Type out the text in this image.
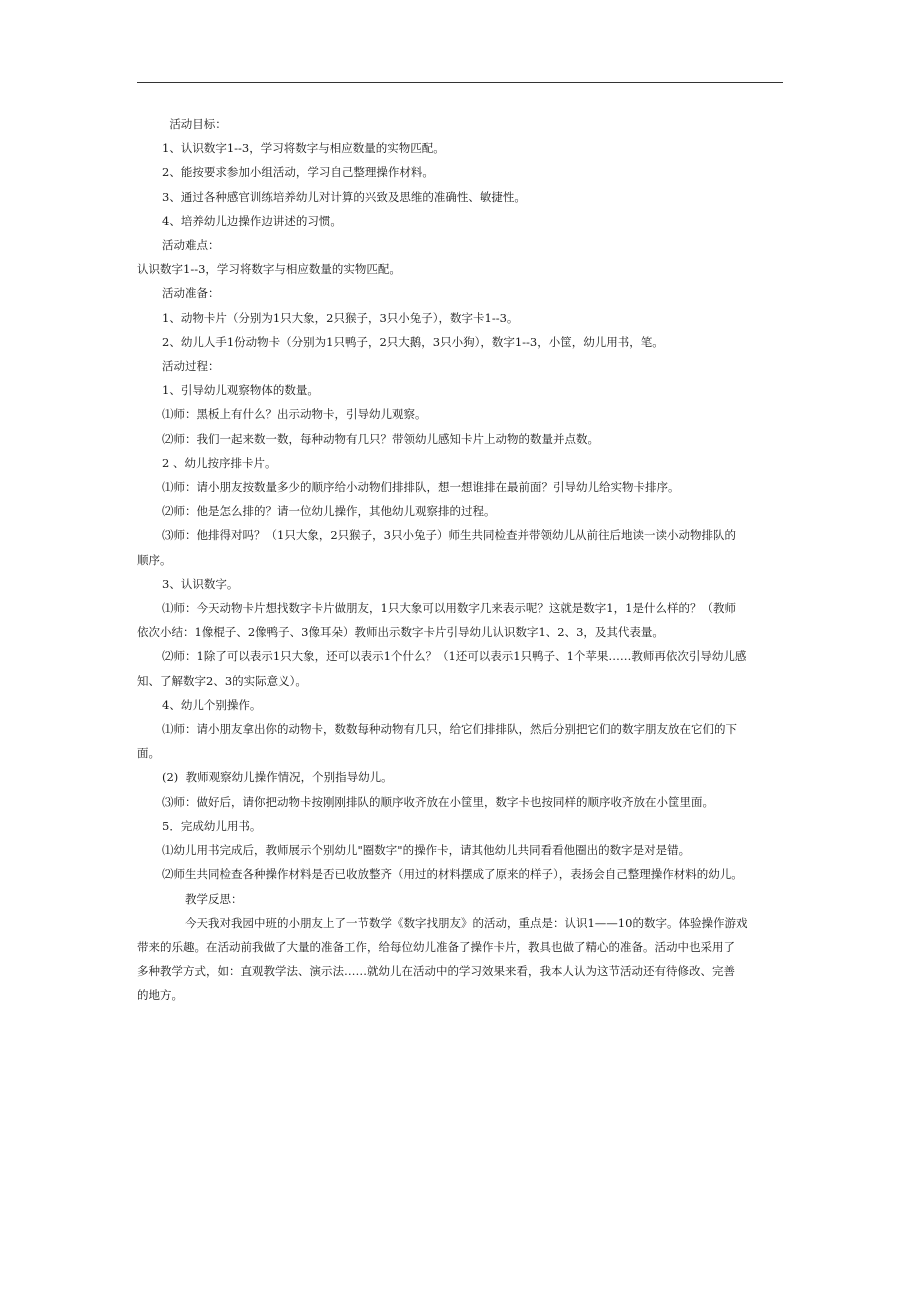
活动目标：

1、认识数字1--3，学习将数字与相应数量的实物匹配。

2、能按要求参加小组活动，学习自己整理操作材料。

3、通过各种感官训练培养幼儿对计算的兴致及思维的准确性、敏捷性。

4、培养幼儿边操作边讲述的习惯。

活动难点：

认识数字1--3，学习将数字与相应数量的实物匹配。

活动准备：

1、动物卡片（分别为1只大象，2只猴子，3只小兔子），数字卡1--3。

2、幼儿人手1份动物卡（分别为1只鸭子，2只大鹅，3只小狗），数字1--3，小筐，幼儿用书，笔。

活动过程：

1、引导幼儿观察物体的数量。

⑴师：黑板上有什么？出示动物卡，引导幼儿观察。

⑵师：我们一起来数一数，每种动物有几只？带领幼儿感知卡片上动物的数量并点数。

2 、幼儿按序排卡片。

⑴师：请小朋友按数量多少的顺序给小动物们排排队，想一想谁排在最前面？引导幼儿给实物卡排序。

⑵师：他是怎么排的？请一位幼儿操作，其他幼儿观察排的过程。

⑶师：他排得对吗？（1只大象，2只猴子，3只小兔子）师生共同检查并带领幼儿从前往后地读一读小动物排队的

顺序。

3、认识数字。

⑴师：今天动物卡片想找数字卡片做朋友，1只大象可以用数字几来表示呢？这就是数字1，1是什么样的？（教师

依次小结：1像棍子、2像鸭子、3像耳朵）教师出示数字卡片引导幼儿认识数字1、2、3，及其代表量。

⑵师：1除了可以表示1只大象，还可以表示1个什么？（1还可以表示1只鸭子、1个苹果……教师再依次引导幼儿感

知、了解数字2、3的实际意义）。

4、幼儿个别操作。

⑴师：请小朋友拿出你的动物卡，数数每种动物有几只，给它们排排队，然后分别把它们的数字朋友放在它们的下

面。

(2)  教师观察幼儿操作情况，个别指导幼儿。

⑶师：做好后，请你把动物卡按刚刚排队的顺序收齐放在小筐里，数字卡也按同样的顺序收齐放在小筐里面。

5．完成幼儿用书。

⑴幼儿用书完成后，教师展示个别幼儿"圈数字"的操作卡，请其他幼儿共同看看他圈出的数字是对是错。

⑵师生共同检查各种操作材料是否已收放整齐（用过的材料摆成了原来的样子），表扬会自己整理操作材料的幼儿。

教学反思：

今天我对我园中班的小朋友上了一节数学《数字找朋友》的活动，重点是：认识1——10的数字。体验操作游戏

带来的乐趣。在活动前我做了大量的准备工作，给每位幼儿准备了操作卡片，教具也做了精心的准备。活动中也采用了

多种教学方式，如：直观教学法、演示法……就幼儿在活动中的学习效果来看，我本人认为这节活动还有待修改、完善

的地方。
